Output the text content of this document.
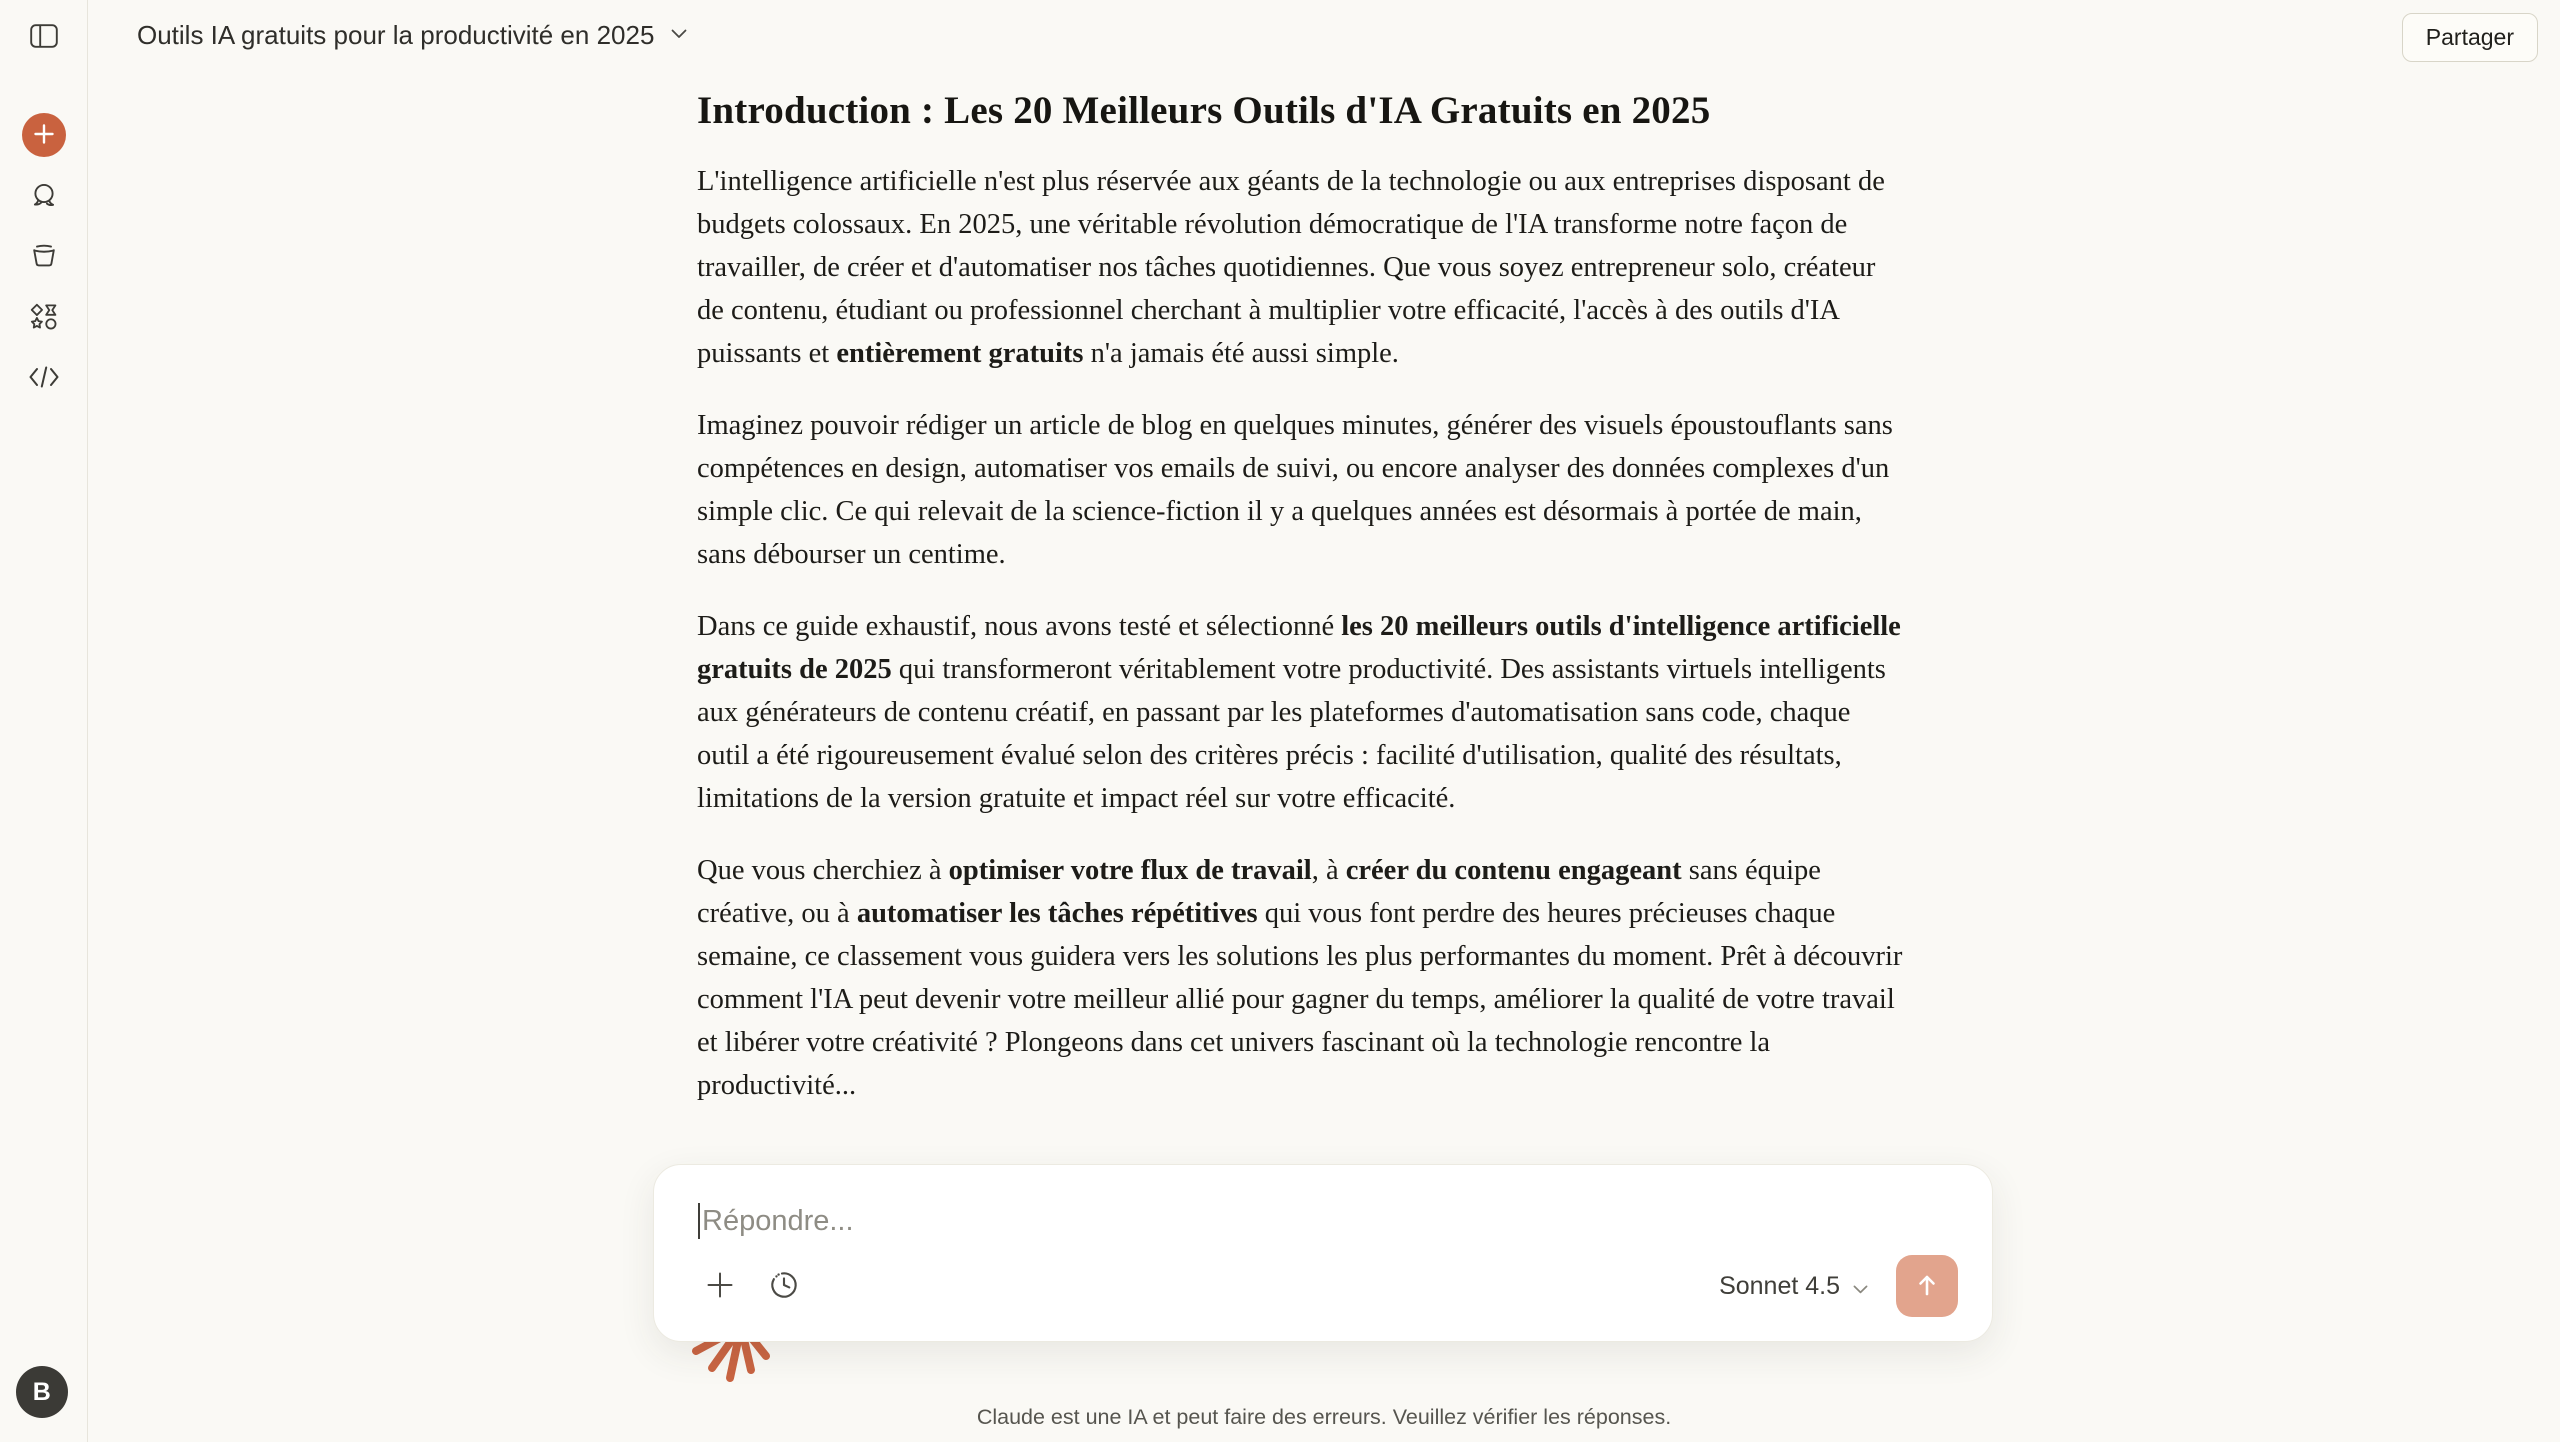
B
Outils IA gratuits pour la productivité en 2025	Partager
Introduction : Les 20 Meilleurs Outils d'IA Gratuits en 2025

L'intelligence artificielle n'est plus réservée aux géants de la technologie ou aux entreprises disposant de budgets colossaux. En 2025, une véritable révolution démocratique de l'IA transforme notre façon de travailler, de créer et d'automatiser nos tâches quotidiennes. Que vous soyez entrepreneur solo, créateur de contenu, étudiant ou professionnel cherchant à multiplier votre efficacité, l'accès à des outils d'IA puissants et entièrement gratuits n'a jamais été aussi simple.

Imaginez pouvoir rédiger un article de blog en quelques minutes, générer des visuels époustouflants sans compétences en design, automatiser vos emails de suivi, ou encore analyser des données complexes d'un simple clic. Ce qui relevait de la science-fiction il y a quelques années est désormais à portée de main, sans débourser un centime.

Dans ce guide exhaustif, nous avons testé et sélectionné les 20 meilleurs outils d'intelligence artificielle gratuits de 2025 qui transformeront véritablement votre productivité. Des assistants virtuels intelligents aux générateurs de contenu créatif, en passant par les plateformes d'automatisation sans code, chaque outil a été rigoureusement évalué selon des critères précis : facilité d'utilisation, qualité des résultats, limitations de la version gratuite et impact réel sur votre efficacité.

Que vous cherchiez à optimiser votre flux de travail, à créer du contenu engageant sans équipe créative, ou à automatiser les tâches répétitives qui vous font perdre des heures précieuses chaque semaine, ce classement vous guidera vers les solutions les plus performantes du moment. Prêt à découvrir comment l'IA peut devenir votre meilleur allié pour gagner du temps, améliorer la qualité de votre travail et libérer votre créativité ? Plongeons dans cet univers fascinant où la technologie rencontre la productivité...

Répondre...
Sonnet 4.5
Claude est une IA et peut faire des erreurs. Veuillez vérifier les réponses.
